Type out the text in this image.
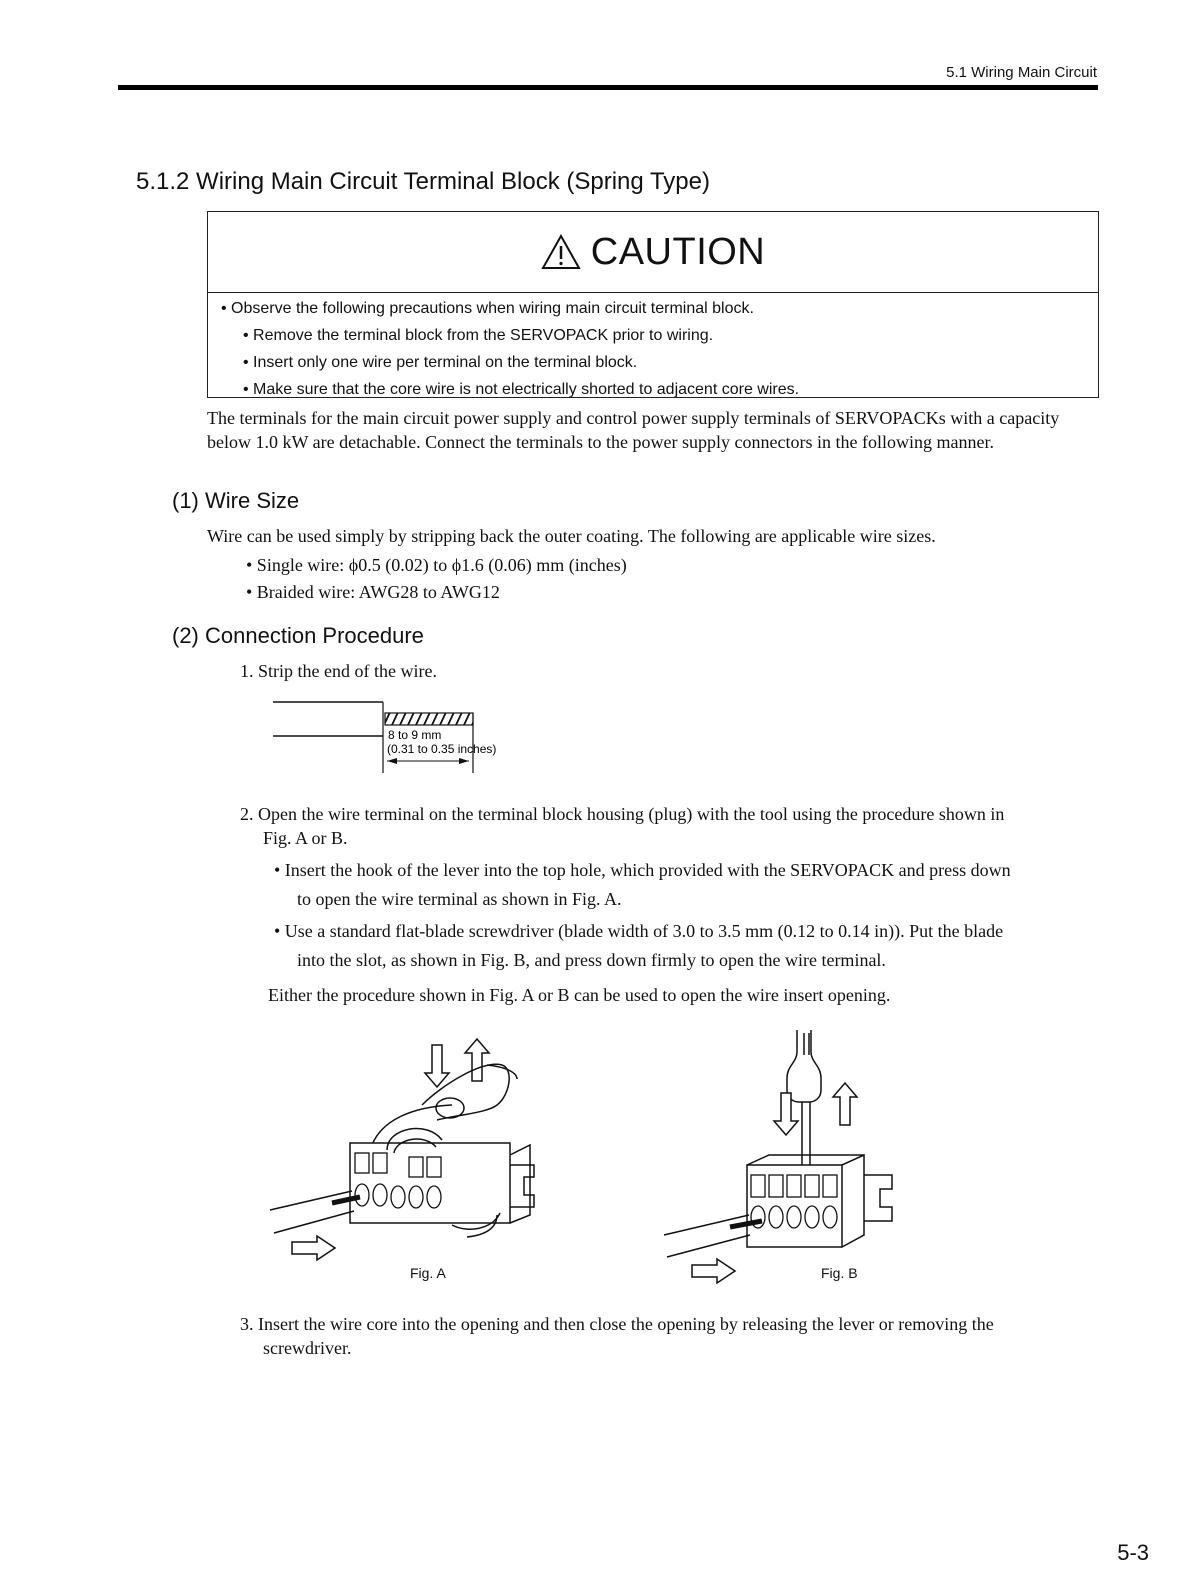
5.1 Wiring Main Circuit
5.1.2 Wiring Main Circuit Terminal Block (Spring Type)
CAUTION
• Observe the following precautions when wiring main circuit terminal block.
• Remove the terminal block from the SERVOPACK prior to wiring.
• Insert only one wire per terminal on the terminal block.
• Make sure that the core wire is not electrically shorted to adjacent core wires.
The terminals for the main circuit power supply and control power supply terminals of SERVOPACKs with a capacity below 1.0 kW are detachable. Connect the terminals to the power supply connectors in the following manner.
(1) Wire Size
Wire can be used simply by stripping back the outer coating. The following are applicable wire sizes.
• Single wire: ϕ0.5 (0.02) to ϕ1.6 (0.06) mm (inches)
• Braided wire: AWG28 to AWG12
(2) Connection Procedure
1. Strip the end of the wire.
8 to 9 mm
(0.31 to 0.35 inches)
2. Open the wire terminal on the terminal block housing (plug) with the tool using the procedure shown in
Fig. A or B.
• Insert the hook of the lever into the top hole, which provided with the SERVOPACK and press down
to open the wire terminal as shown in Fig. A.
• Use a standard flat-blade screwdriver (blade width of 3.0 to 3.5 mm (0.12 to 0.14 in)). Put the blade
into the slot, as shown in Fig. B, and press down firmly to open the wire terminal.
Either the procedure shown in Fig. A or B can be used to open the wire insert opening.
Fig. A	Fig. B
3. Insert the wire core into the opening and then close the opening by releasing the lever or removing the
screwdriver.
5-3
